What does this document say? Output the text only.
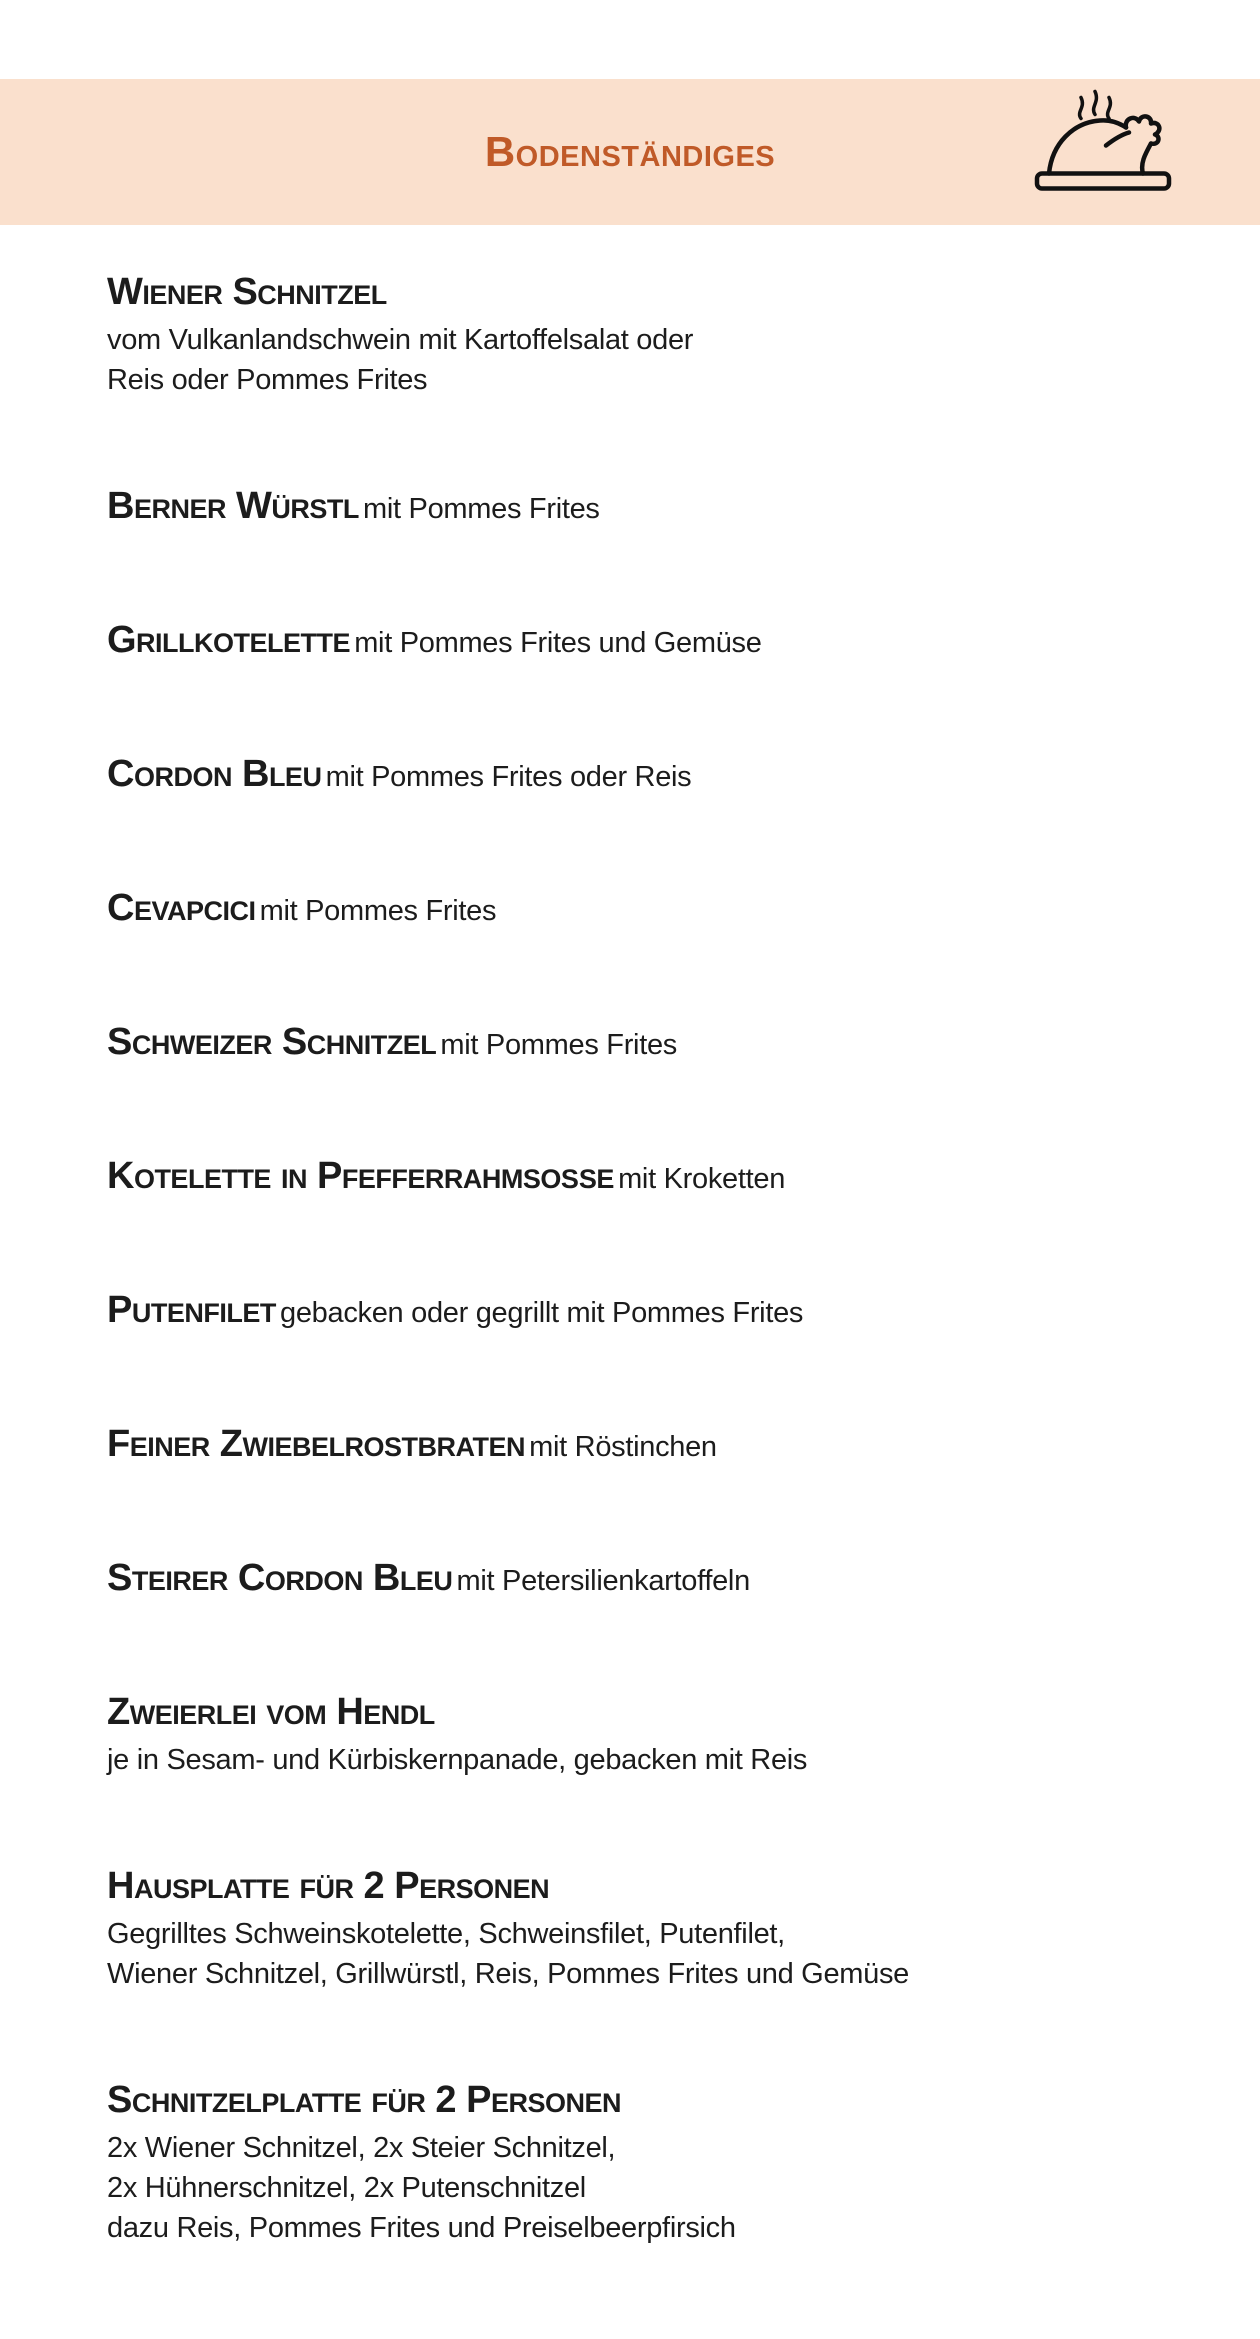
Bodenständiges
Wiener Schnitzel
vom Vulkanlandschwein mit Kartoffelsalat oder
Reis oder Pommes Frites
Berner Würstl mit Pommes Frites
Grillkotelette mit Pommes Frites und Gemüse
Cordon Bleu mit Pommes Frites oder Reis
Cevapcici mit Pommes Frites
Schweizer Schnitzel mit Pommes Frites
Kotelette in Pfefferrahmsoße mit Kroketten
Putenfilet gebacken oder gegrillt mit Pommes Frites
Feiner Zwiebelrostbraten mit Röstinchen
Steirer Cordon Bleu mit Petersilienkartoffeln
Zweierlei vom Hendl
je in Sesam- und Kürbiskernpanade, gebacken mit Reis
Hausplatte für 2 Personen
Gegrilltes Schweinskotelette, Schweinsfilet, Putenfilet,
Wiener Schnitzel, Grillwürstl, Reis, Pommes Frites und Gemüse
Schnitzelplatte für 2 Personen
2x Wiener Schnitzel, 2x Steier Schnitzel,
2x Hühnerschnitzel, 2x Putenschnitzel
dazu Reis, Pommes Frites und Preiselbeerpfirsich
